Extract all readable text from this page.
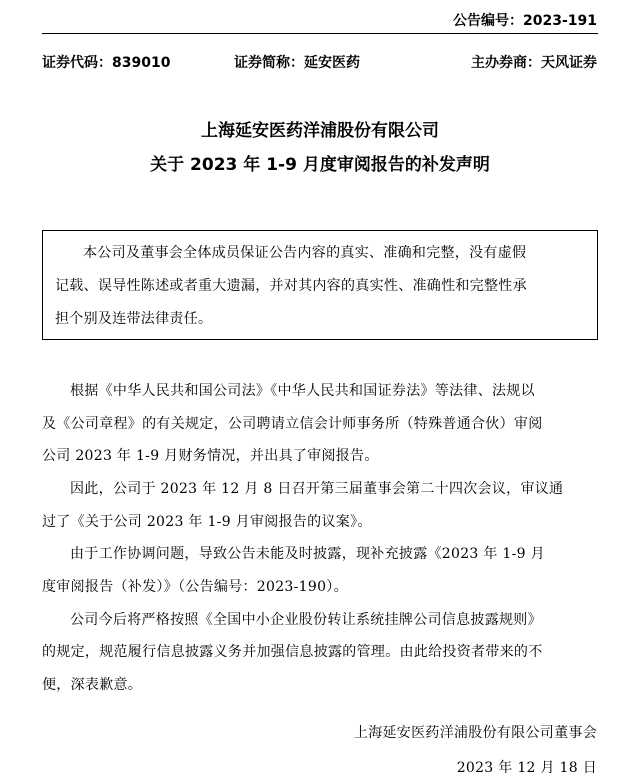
公告编号：2023-191
证券代码：839010	证券简称：延安医药	主办券商：天风证券
上海延安医药洋浦股份有限公司
关于 2023 年 1-9 月度审阅报告的补发声明
本公司及董事会全体成员保证公告内容的真实、准确和完整，没有虚假
记载、误导性陈述或者重大遗漏，并对其内容的真实性、准确性和完整性承
担个别及连带法律责任。
根据《中华人民共和国公司法》《中华人民共和国证券法》等法律、法规以
及《公司章程》的有关规定，公司聘请立信会计师事务所（特殊普通合伙）审阅
公司 2023 年 1-9 月财务情况，并出具了审阅报告。
因此，公司于 2023 年 12 月 8 日召开第三届董事会第二十四次会议，审议通
过了《关于公司 2023 年 1-9 月审阅报告的议案》。
由于工作协调问题，导致公告未能及时披露，现补充披露《2023 年 1-9 月
度审阅报告（补发）》（公告编号：2023-190）。
公司今后将严格按照《全国中小企业股份转让系统挂牌公司信息披露规则》
的规定，规范履行信息披露义务并加强信息披露的管理。由此给投资者带来的不
便，深表歉意。
上海延安医药洋浦股份有限公司董事会
2023 年 12 月 18 日
